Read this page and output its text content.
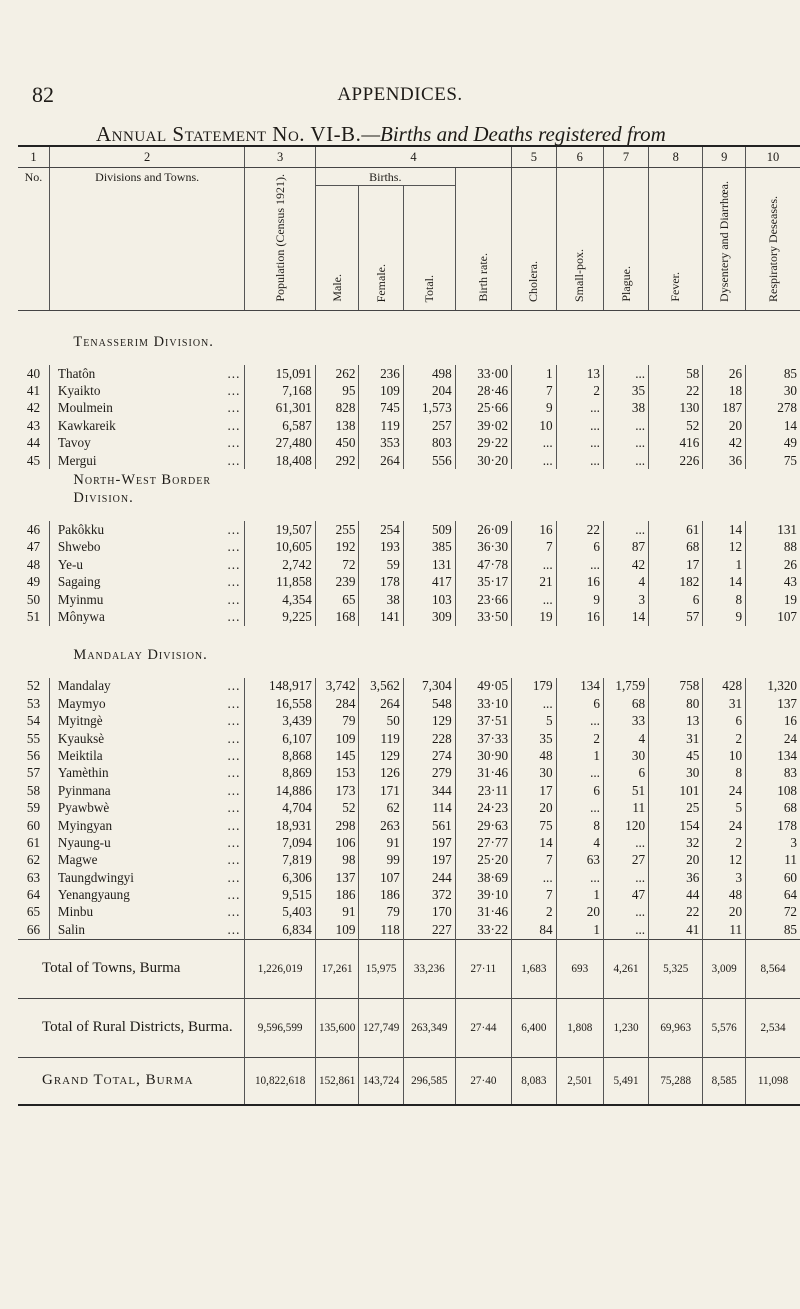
82	APPENDICES.
Annual Statement No. VI-B.—Births and Deaths registered from
1	2	3	4				5	6	7	8	9	10
No.	Divisions and Towns.	Population (Census 1921).	Births.			Birth rate.	Cholera.	Small-pox.	Plague.	Fever.	Dysentery and Diarrhœa.	Respiratory Deseases.
			Male.	Female.	Total.							
	Tenasserim Division.											

40	Thatôn ...	15,091	262	236	498	33·00	1	13	...	58	26	85
41	Kyaikto ...	7,168	95	109	204	28·46	7	2	35	22	18	30
42	Moulmein ...	61,301	828	745	1,573	25·66	9	...	38	130	187	278
43	Kawkareik ...	6,587	138	119	257	39·02	10	...	...	52	20	14
44	Tavoy ...	27,480	450	353	803	29·22	...	...	...	416	42	49
45	Mergui ...	18,408	292	264	556	30·20	...	...	...	226	36	75
	North-West Border
Division.											

46	Pakôkku ...	19,507	255	254	509	26·09	16	22	...	61	14	131
47	Shwebo ...	10,605	192	193	385	36·30	7	6	87	68	12	88
48	Ye-u ...	2,742	72	59	131	47·78	...	...	42	17	1	26
49	Sagaing ...	11,858	239	178	417	35·17	21	16	4	182	14	43
50	Myinmu ...	4,354	65	38	103	23·66	...	9	3	6	8	19
51	Mônywa ...	9,225	168	141	309	33·50	19	16	14	57	9	107
	Mandalay Division.											

52	Mandalay ...	148,917	3,742	3,562	7,304	49·05	179	134	1,759	758	428	1,320
53	Maymyo ...	16,558	284	264	548	33·10	...	6	68	80	31	137
54	Myitngè ...	3,439	79	50	129	37·51	5	...	33	13	6	16
55	Kyauksè ...	6,107	109	119	228	37·33	35	2	4	31	2	24
56	Meiktila ...	8,868	145	129	274	30·90	48	1	30	45	10	134
57	Yamèthin ...	8,869	153	126	279	31·46	30	...	6	30	8	83
58	Pyinmana ...	14,886	173	171	344	23·11	17	6	51	101	24	108
59	Pyawbwè ...	4,704	52	62	114	24·23	20	...	11	25	5	68
60	Myingyan ...	18,931	298	263	561	29·63	75	8	120	154	24	178
61	Nyaung-u ...	7,094	106	91	197	27·77	14	4	...	32	2	3
62	Magwe ...	7,819	98	99	197	25·20	7	63	27	20	12	11
63	Taungdwingyi ...	6,306	137	107	244	38·69	...	...	...	36	3	60
64	Yenangyaung ...	9,515	186	186	372	39·10	7	1	47	44	48	64
65	Minbu ...	5,403	91	79	170	31·46	2	20	...	22	20	72
66	Salin ...	6,834	109	118	227	33·22	84	1	...	41	11	85
Total of Towns, Burma		1,226,019	17,261	15,975	33,236	27·11	1,683	693	4,261	5,325	3,009	8,564
Total of Rural Districts, Burma.		9,596,599	135,600	127,749	263,349	27·44	6,400	1,808	1,230	69,963	5,576	2,534
Grand Total, Burma		10,822,618	152,861	143,724	296,585	27·40	8,083	2,501	5,491	75,288	8,585	11,098
